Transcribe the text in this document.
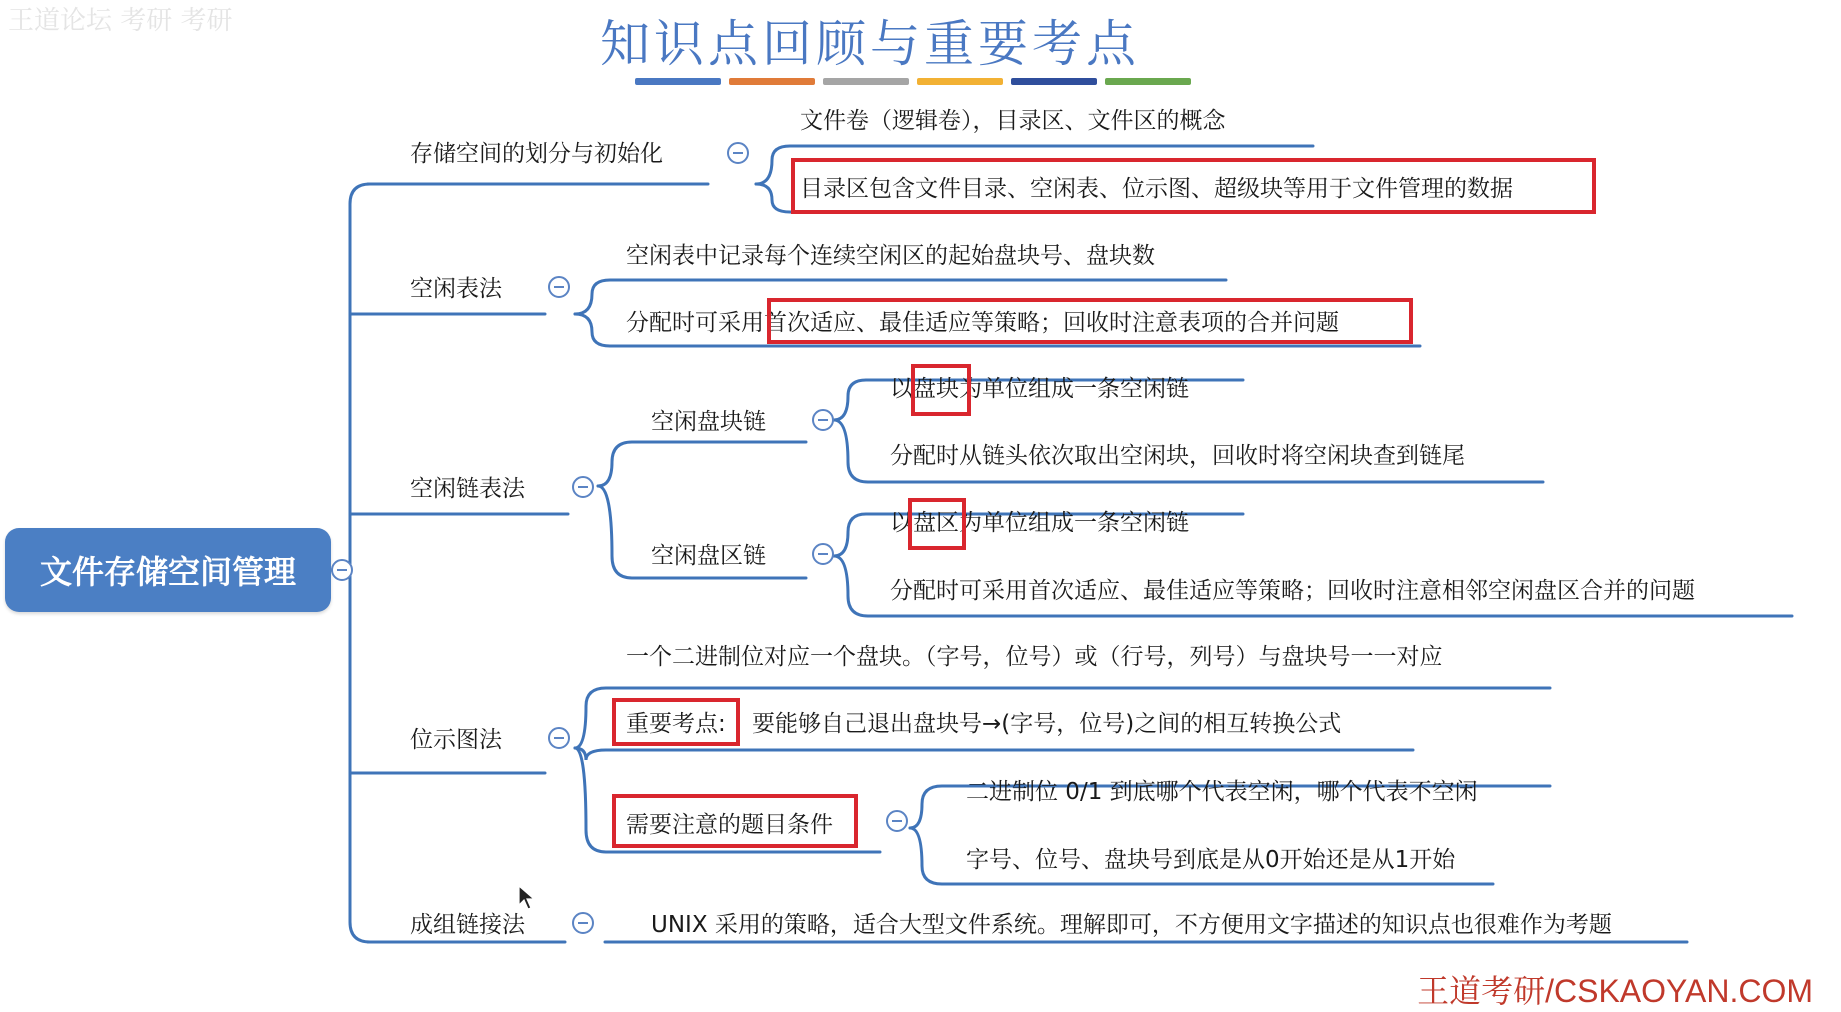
王道论坛 考研 考研	知识点回顾与重要考点
文件存储空间管理
存储空间的划分与初始化
文件卷（逻辑卷），目录区、文件区的概念
目录区包含文件目录、空闲表、位示图、超级块等用于文件管理的数据
空闲表法
空闲表中记录每个连续空闲区的起始盘块号、盘块数
分配时可采用首次适应、最佳适应等策略；回收时注意表项的合并问题
空闲链表法
空闲盘块链
以盘块为单位组成一条空闲链
分配时从链头依次取出空闲块，回收时将空闲块查到链尾
空闲盘区链
以盘区为单位组成一条空闲链
分配时可采用首次适应、最佳适应等策略；回收时注意相邻空闲盘区合并的问题
位示图法
一个二进制位对应一个盘块。（字号，位号）或（行号，列号）与盘块号一一对应
重要考点: 要能够自己退出盘块号→(字号，位号)之间的相互转换公式
需要注意的题目条件
二进制位 0/1 到底哪个代表空闲，哪个代表不空闲
字号、位号、盘块号到底是从0开始还是从1开始
成组链接法	UNIX 采用的策略，适合大型文件系统。理解即可，不方便用文字描述的知识点也很难作为考题
王道考研/CSKAOYAN.COM
